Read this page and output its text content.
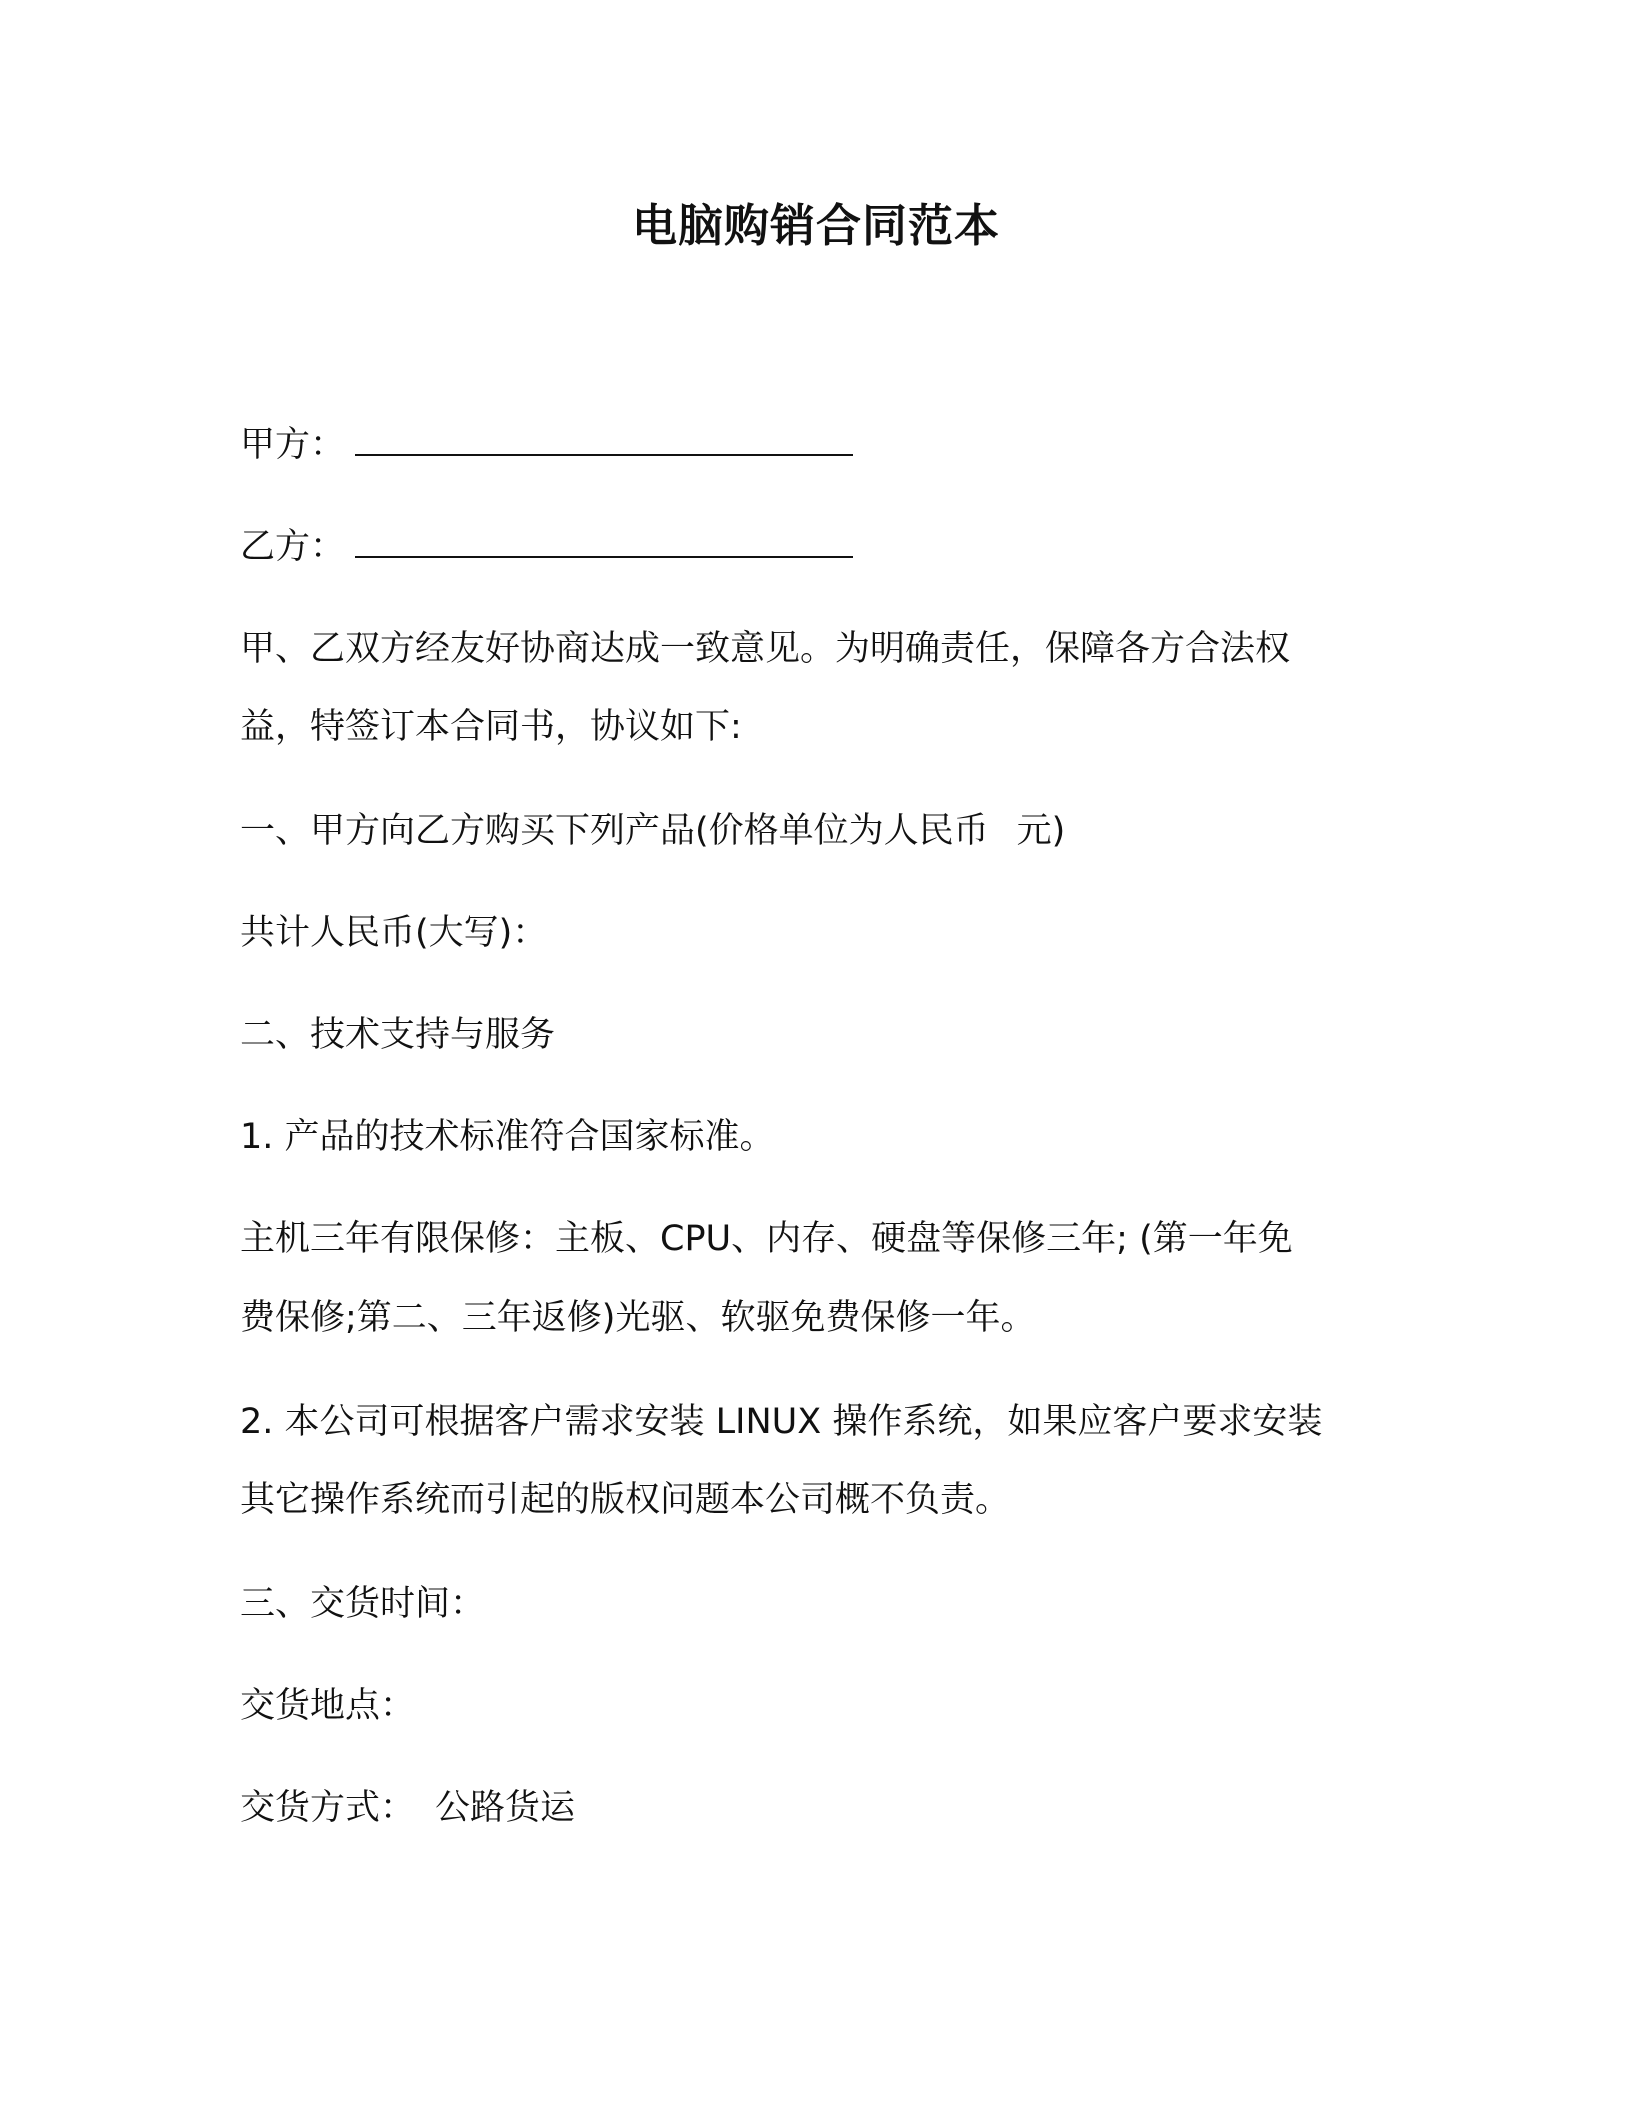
电脑购销合同范本
甲方：
乙方：
甲、乙双方经友好协商达成一致意见。为明确责任，保障各方合法权
益，特签订本合同书，协议如下:
一、甲方向乙方购买下列产品(价格单位为人民币 元)
共计人民币(大写)：
二、技术支持与服务
1. 产品的技术标准符合国家标准。
主机三年有限保修：主板、CPU、内存、硬盘等保修三年; (第一年免
费保修;第二、三年返修)光驱、软驱免费保修一年。
2. 本公司可根据客户需求安装 LINUX 操作系统，如果应客户要求安装
其它操作系统而引起的版权问题本公司概不负责。
三、交货时间：
交货地点：
交货方式： 公路货运
